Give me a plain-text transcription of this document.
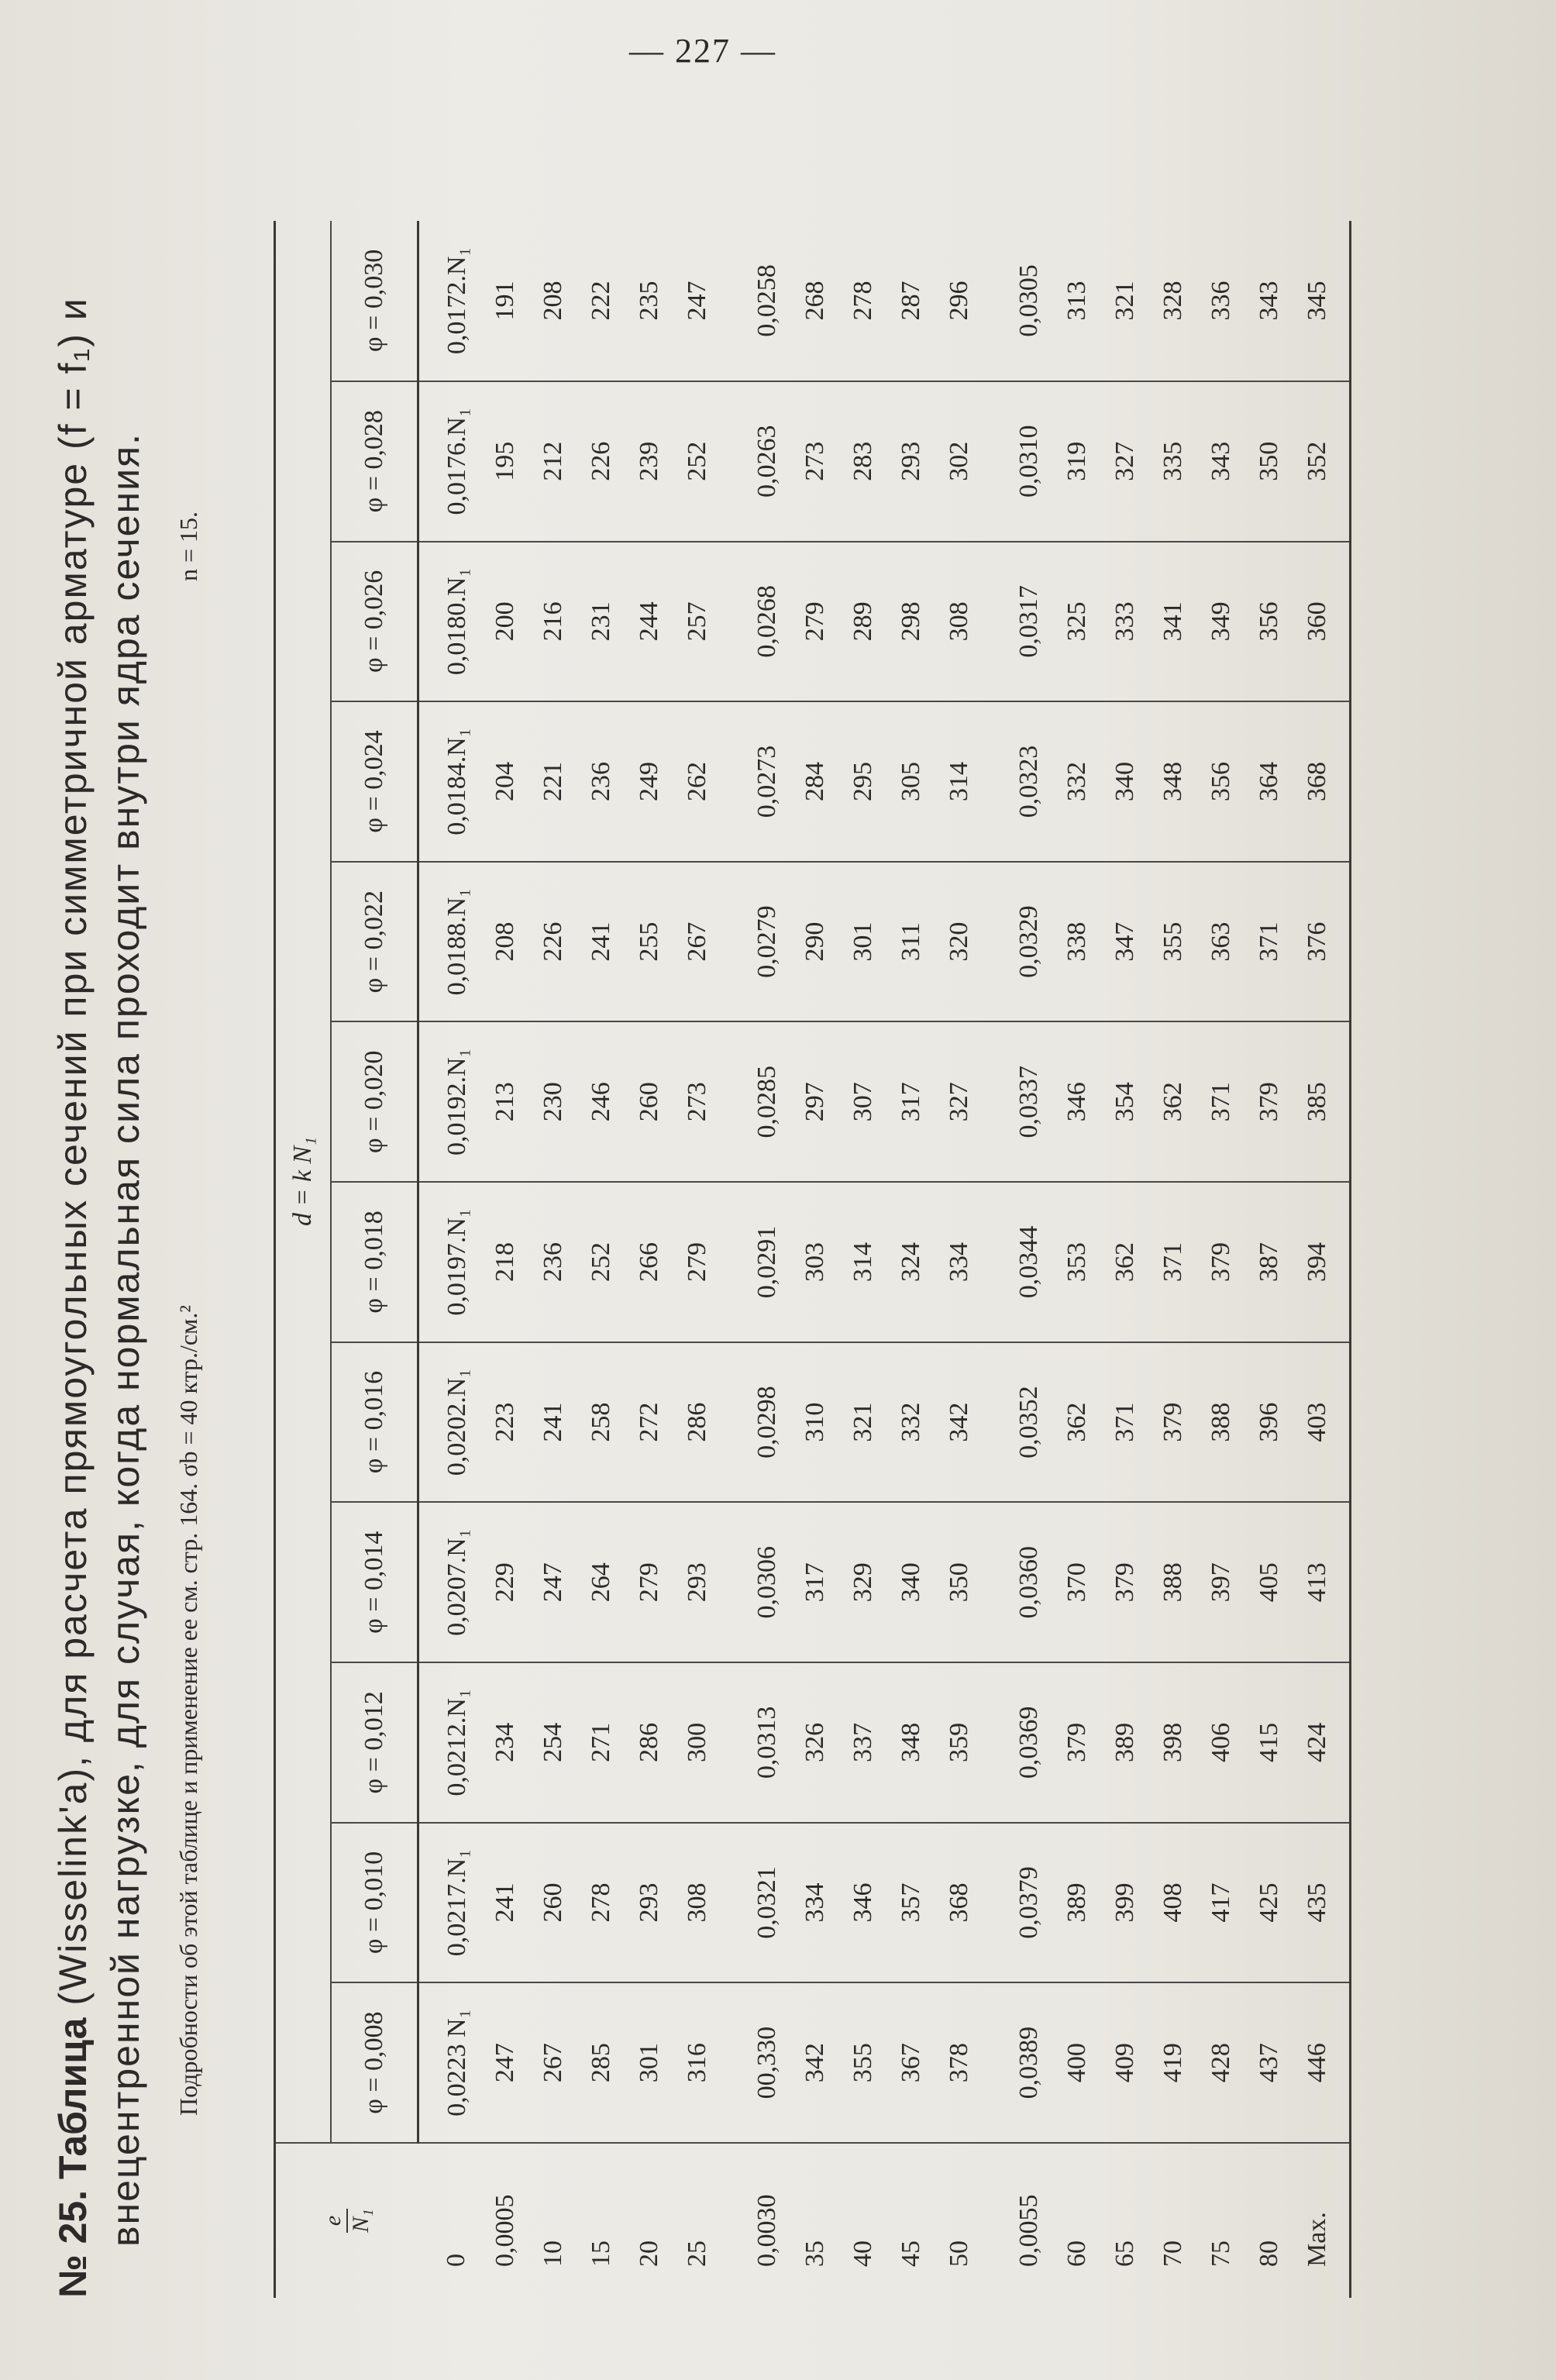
— 227 —
№ 25. Таблица (Wisselink'a), для расчета прямоугольных сечений при симметричной арматуре (f = f₁) и внецентренной нагрузке, для случая, когда нормальная сила проходит внутри ядра сечения. Подробности об этой таблице и применение ее см. стр. 164. σb = 40 ктр./см.²
n = 15.
e N₁	d = k N₁											
	φ = 0,008	φ = 0,010	φ = 0,012	φ = 0,014	φ = 0,016	φ = 0,018	φ = 0,020	φ = 0,022	φ = 0,024	φ = 0,026	φ = 0,028	φ = 0,030
0	0,0223 N₁	0,0217.N₁	0,0212.N₁	0,0207.N₁	0,0202.N₁	0,0197.N₁	0,0192.N₁	0,0188.N₁	0,0184.N₁	0,0180.N₁	0,0176.N₁	0,0172.N₁
0,0005	247	241	234	229	223	218	213	208	204	200	195	191
10	267	260	254	247	241	236	230	226	221	216	212	208
15	285	278	271	264	258	252	246	241	236	231	226	222
20	301	293	286	279	272	266	260	255	249	244	239	235
25	316	308	300	293	286	279	273	267	262	257	252	247

0,0030	00,330	0,0321	0,0313	0,0306	0,0298	0,0291	0,0285	0,0279	0,0273	0,0268	0,0263	0,0258
35	342	334	326	317	310	303	297	290	284	279	273	268
40	355	346	337	329	321	314	307	301	295	289	283	278
45	367	357	348	340	332	324	317	311	305	298	293	287
50	378	368	359	350	342	334	327	320	314	308	302	296

0,0055	0,0389	0,0379	0,0369	0,0360	0,0352	0,0344	0,0337	0,0329	0,0323	0,0317	0,0310	0,0305
60	400	389	379	370	362	353	346	338	332	325	319	313
65	409	399	389	379	371	362	354	347	340	333	327	321
70	419	408	398	388	379	371	362	355	348	341	335	328
75	428	417	406	397	388	379	371	363	356	349	343	336
80	437	425	415	405	396	387	379	371	364	356	350	343
Max.	446	435	424	413	403	394	385	376	368	360	352	345
